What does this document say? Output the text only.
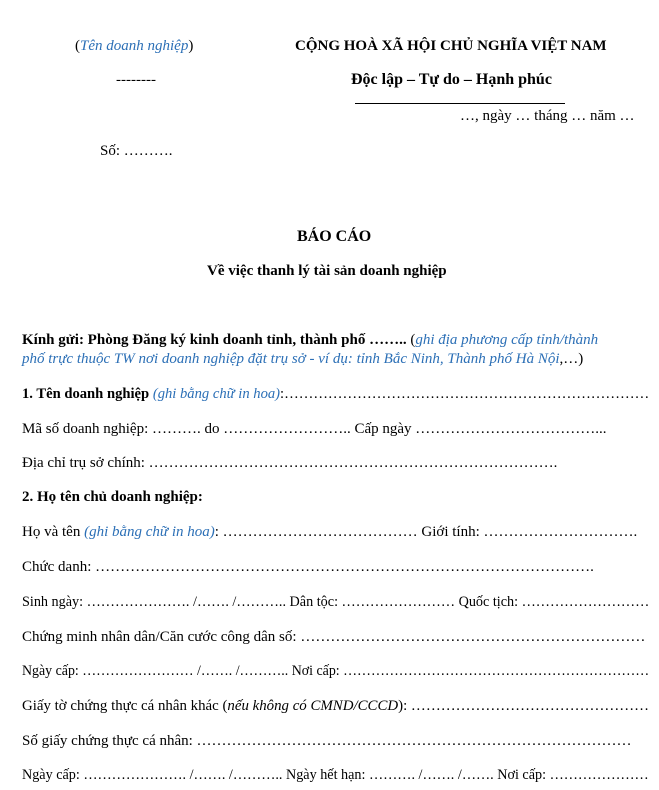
(Tên doanh nghiệp)
--------
CỘNG HOÀ XÃ HỘI CHỦ NGHĨA VIỆT NAM
Độc lập – Tự do – Hạnh phúc
…, ngày … tháng … năm …
Số: ……….
BÁO CÁO
Về việc thanh lý tài sản doanh nghiệp
Kính gửi: Phòng Đăng ký kinh doanh tỉnh, thành phố …….. (ghi địa phương cấp tỉnh/thành
phố trực thuộc TW nơi doanh nghiệp đặt trụ sở - ví dụ: tỉnh Bắc Ninh, Thành phố Hà Nội,…)
1. Tên doanh nghiệp (ghi bằng chữ in hoa):…………………………………………………………………
Mã số doanh nghiệp: ………. do …………………….. Cấp ngày ………………………………...
Địa chỉ trụ sở chính: ……………………………………………………………………….
2. Họ tên chủ doanh nghiệp:
Họ và tên (ghi bằng chữ in hoa): ………………………………… Giới tính: ………………………….
Chức danh: ……………………………………………………………………………………….
Sinh ngày: …………………. /……. /……….. Dân tộc: …………………… Quốc tịch: ………………………
Chứng minh nhân dân/Căn cước công dân số: ……………………………………………………………
Ngày cấp: …………………… /……. /……….. Nơi cấp: …………………………………………………………
Giấy tờ chứng thực cá nhân khác (nếu không có CMND/CCCD): …………………………………………
Số giấy chứng thực cá nhân: ……………………………………………………………………………
Ngày cấp: …………………. /……. /……….. Ngày hết hạn: ………. /……. /……. Nơi cấp: …………………
